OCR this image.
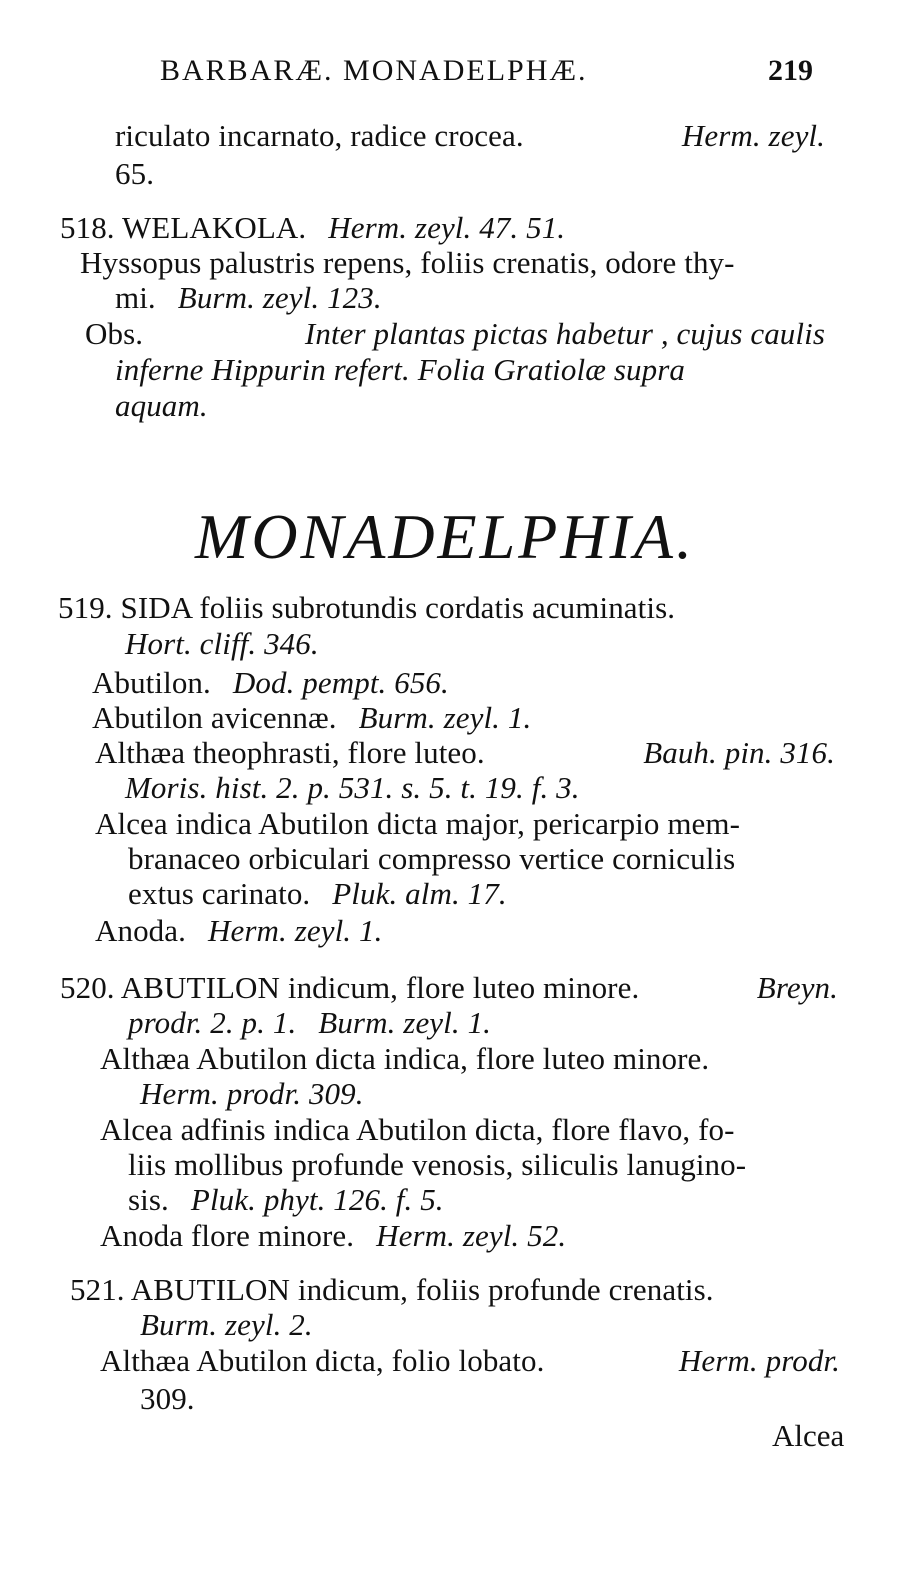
BARBARÆ. MONADELPHÆ.	219
riculato incarnato, radice crocea.	Herm. zeyl.
65.
518. WELAKOLA. Herm. zeyl. 47. 51.
Hyssopus palustris repens, foliis crenatis, odore thy-
mi. Burm. zeyl. 123.
Obs.	Inter plantas pictas habetur , cujus caulis
inferne Hippurin refert. Folia Gratiolæ supra
aquam.
MONADELPHIA.
519. SIDA foliis subrotundis cordatis acuminatis.
Hort. cliff. 346.
Abutilon. Dod. pempt. 656.
Abutilon avicennæ. Burm. zeyl. 1.
Althæa theophrasti, flore luteo.	Bauh. pin. 316.
Moris. hist. 2. p. 531. s. 5. t. 19. f. 3.
Alcea indica Abutilon dicta major, pericarpio mem-
branaceo orbiculari compresso vertice corniculis
extus carinato. Pluk. alm. 17.
Anoda. Herm. zeyl. 1.
520. ABUTILON indicum, flore luteo minore.	Breyn.
prodr. 2. p. 1. Burm. zeyl. 1.
Althæa Abutilon dicta indica, flore luteo minore.
Herm. prodr. 309.
Alcea adfinis indica Abutilon dicta, flore flavo, fo-
liis mollibus profunde venosis, siliculis lanugino-
sis. Pluk. phyt. 126. f. 5.
Anoda flore minore. Herm. zeyl. 52.
521. ABUTILON indicum, foliis profunde crenatis.
Burm. zeyl. 2.
Althæa Abutilon dicta, folio lobato.	Herm. prodr.
309.
Alcea
